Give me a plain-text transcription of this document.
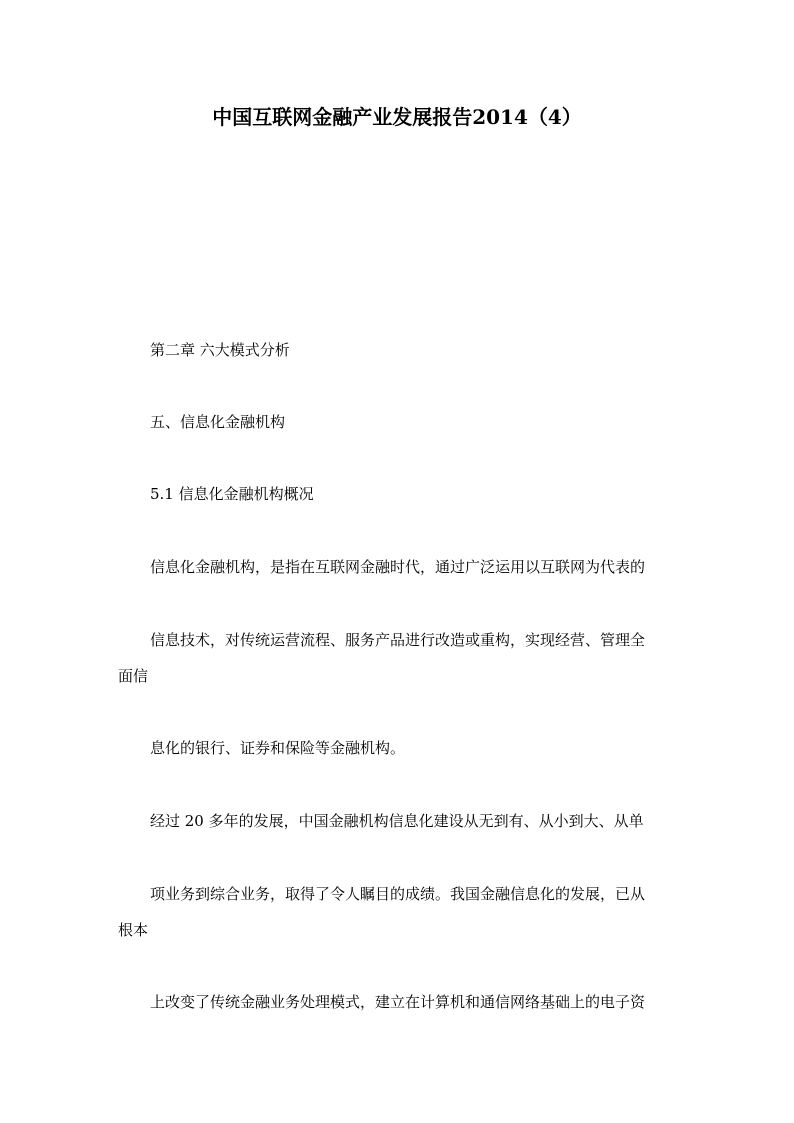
中国互联网金融产业发展报告2014（4）
第二章 六大模式分析
五、信息化金融机构
5.1 信息化金融机构概况
信息化金融机构，是指在互联网金融时代，通过广泛运用以互联网为代表的
信息技术，对传统运营流程、服务产品进行改造或重构，实现经营、管理全
面信
息化的银行、证券和保险等金融机构。
经过 20 多年的发展，中国金融机构信息化建设从无到有、从小到大、从单
项业务到综合业务，取得了令人瞩目的成绩。我国金融信息化的发展，已从
根本
上改变了传统金融业务处理模式，建立在计算机和通信网络基础上的电子资
